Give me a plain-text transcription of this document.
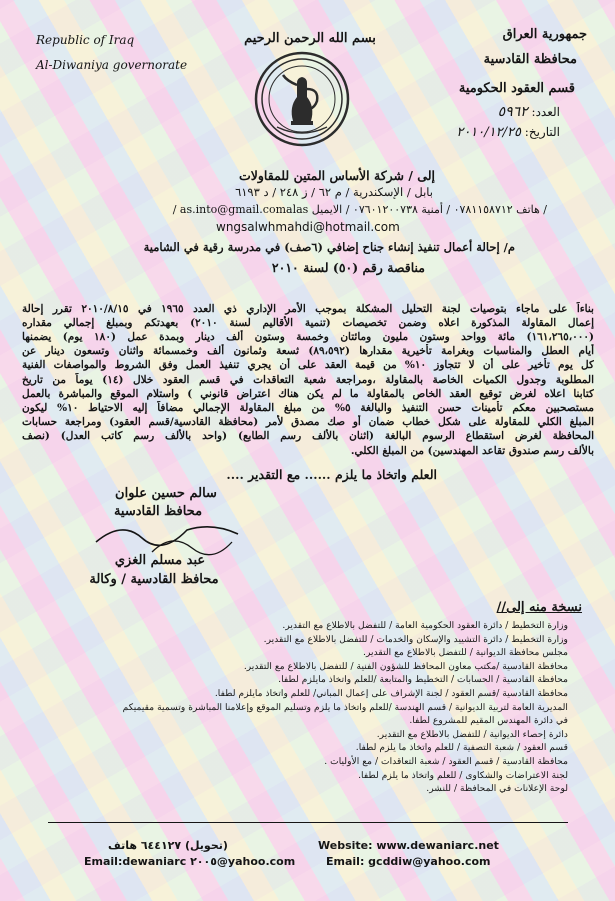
بسم الله الرحمن الرحيم

Republic of Iraq

Al-Diwaniya governorate

جمهورية العراق

محافظة القادسية

قسم العقود الحكومية

العدد: ٥٩٦٢

التاريخ: ٢٠١٠/١٢/٢٥

إلى / شركة الأساس المتين للمقاولات

بابل / الإسكندرية / م ٦٢ / ز ٢٤٨ / د ٦١٩٣

/ هاتف ٠٧٨١١٥٨٧١٢ / أمنية ٠٧٦٠١٢٠٠٧٣٨ / الايميل as.into@gmail.comalas /

wngsalwhmahdi@hotmail.com

م/ إحالة أعمال تنفيذ إنشاء جناح إضافي (٦صف) في مدرسة رقية في الشامية

مناقصة رقم (٥٠) لسنة ٢٠١٠

بناءاً على ماجاء بتوصيات لجنة التحليل المشكلة بموجب الأمر الإداري ذي العدد ١٩٦٥ في ٢٠١٠/٨/١٥ تقرر إحالة

إعمال المقاولة المذكورة اعلاه وضمن تخصيصات (تنمية الأقاليم لسنة ٢٠١٠) بعهدتكم وبمبلغ إجمالي مقداره

(١٦١،٢٦٥،٠٠٠) مائة وواحد وستون مليون ومائتان وخمسة وستون ألف دينار وبمدة عمل (١٨٠ يوم) يضمنها

أيام العطل والمناسبات وبغرامة تأخيرية مقدارها (٨٩،٥٩٢) ثسعة وثمانون ألف وخمسمائة واثنان وتسعون دينار عن

كل يوم تأخير على أن لا تتجاوز ١٠% من قيمة العقد على أن يجري تنفيذ العمل وفق الشروط والمواصفات الفنية

المطلوبة وجدول الكميات الخاصة بالمقاولة ،ومراجعة شعبة التعاقدات في قسم العقود خلال (١٤) يوماً من تاريخ

كتابنا اعلاه لغرض توقيع العقد الخاص بالمقاولة ما لم يكن هناك اعتراض قانوني ) واستلام الموقع والمباشرة بالعمل

مستصحبين معكم تأمينات حسن التنفيذ والبالغة ٥% من مبلغ المقاولة الإجمالي مضافاً إليه الاحتياط ١٠% ليكون

المبلغ الكلي للمقاولة على شكل خطاب ضمان أو صك مصدق لأمر (محافظة القادسية/قسم العقود) ومراجعة حسابات

المحافظة لغرض استقطاع الرسوم البالغة (اثنان بالألف رسم الطابع) (واحد بالألف رسم كاتب العدل) (نصف

بالألف رسم صندوق تقاعد المهندسين) من المبلغ الكلي.

العلم واتخاذ ما يلزم ...... مع التقدير ....

سالم حسين علوان

محافظ القادسية

عبد مسلم الغزي

محافظ القادسية / وكالة

نسخة منه إلى//

وزارة التخطيط / دائرة العقود الحكومية العامة / للتفضل بالاطلاع مع التقدير.
وزارة التخطيط / دائرة التشييد والإسكان والخدمات / للتفضل بالاطلاع مع التقدير.
مجلس محافظة الديوانية / للتفضل بالاطلاع مع التقدير.
محافظة القادسية /مكتب معاون المحافظ للشؤون الفنية / للتفضل بالاطلاع مع التقدير.
محافظة القادسية / الحسابات / التخطيط والمتابعة /للعلم واتخاذ مايلزم لطفا.
محافظة القادسية /قسم العقود / لجنة الإشراف على إعمال المباني/ للعلم واتخاذ مايلزم لطفا.
المديرية العامة لتربية الديوانية / قسم الهندسة /للعلم واتخاذ ما يلزم وتسليم الموقع وإعلامنا المباشرة وتسمية مقيميكم
في دائرة المهندس المقيم للمشروع لطفا.
دائرة إحصاء الديوانية / للتفضل بالاطلاع مع التقدير.
قسم العقود / شعبة التصفية / للعلم واتخاذ ما يلزم لطفا.
محافظة القادسية / قسم العقود / شعبة التعاقدات / مع الأوليات .
لجنة الاعتراضات والشكاوى / للعلم واتخاذ ما يلزم لطفا.
لوحة الإعلانات في المحافظة / للنشر.

Website: www.dewaniarc.net

(تحويل) ٦٤٤١٢٧ هاتف

Email: gcddiw@yahoo.com

Email:dewaniarc ٢٠٠٥@yahoo.com
